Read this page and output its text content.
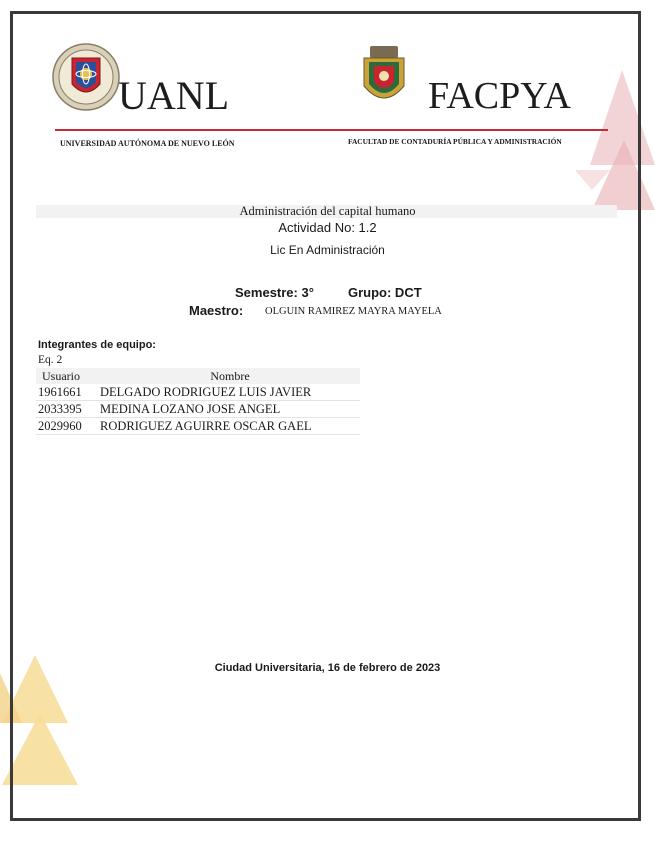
UANL	FACPYA
UNIVERSIDAD AUTÓNOMA DE NUEVO LEÓN	FACULTAD DE CONTADURÍA PÚBLICA Y ADMINISTRACIÓN
Administración del capital humano
Actividad No: 1.2
Lic En Administración
Semestre: 3°	Grupo: DCT
Maestro: OLGUIN RAMIREZ MAYRA MAYELA
Integrantes de equipo:
Eq. 2
Usuario	Nombre
1961661	DELGADO RODRIGUEZ LUIS JAVIER
2033395	MEDINA LOZANO JOSE ANGEL
2029960	RODRIGUEZ AGUIRRE OSCAR GAEL
Ciudad Universitaria, 16 de febrero de 2023
